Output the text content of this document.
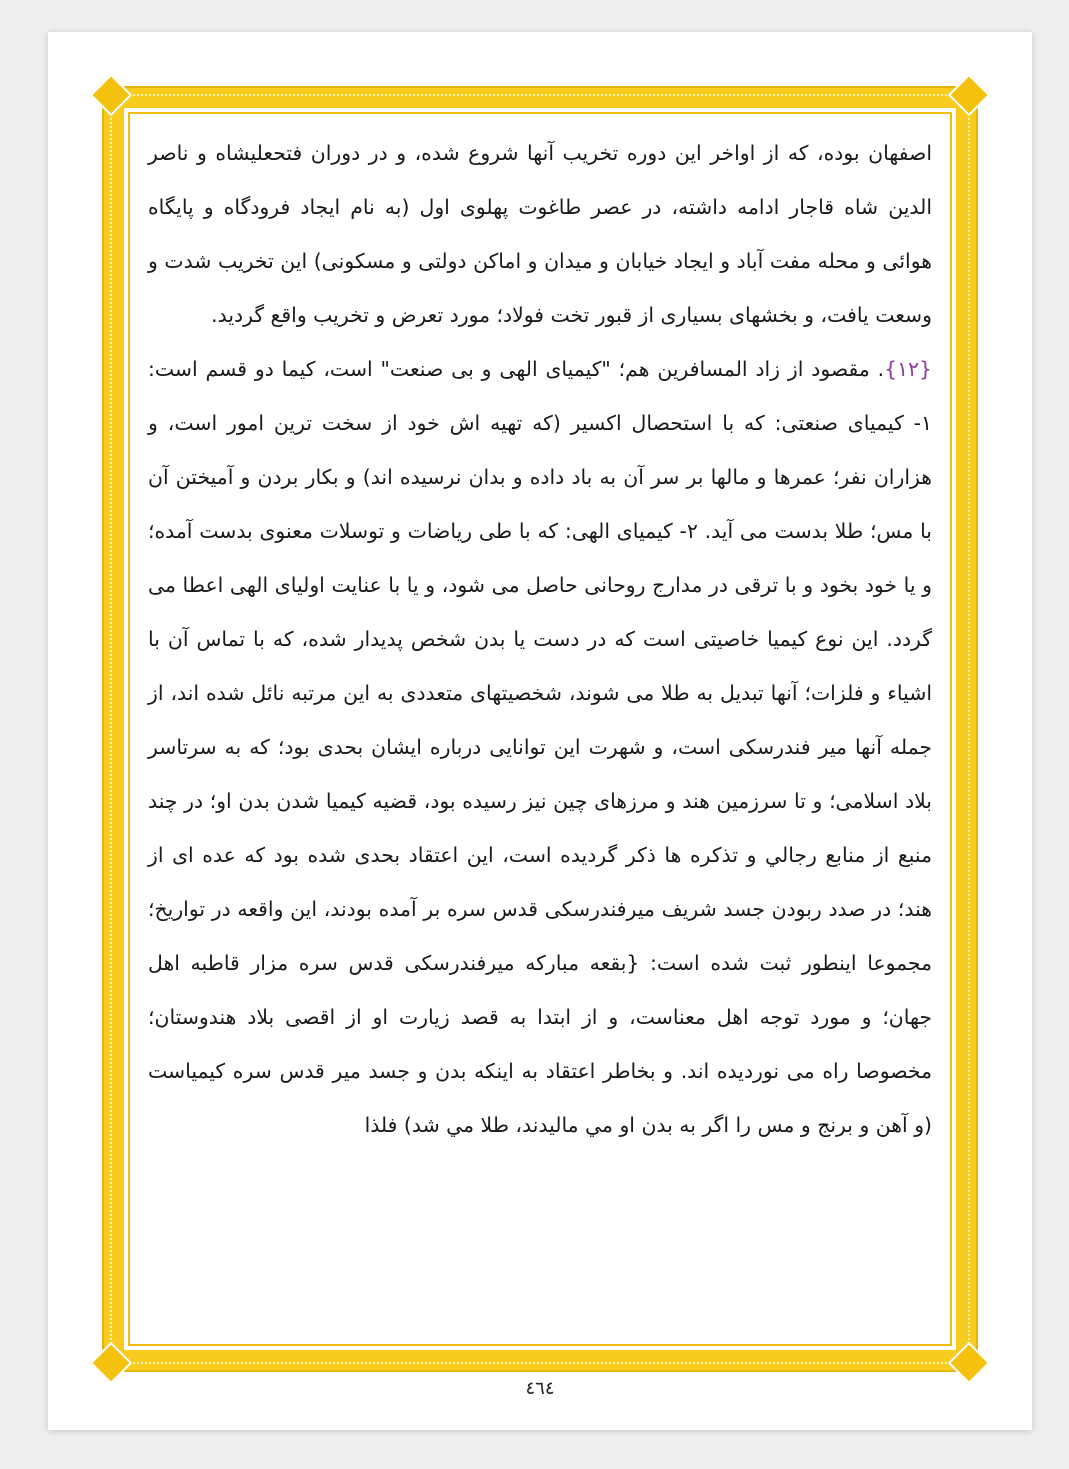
اصفهان بوده، که از اواخر این دوره تخریب آنها شروع شده، و در دوران فتحعلیشاه و ناصر الدین شاه قاجار ادامه داشته، در عصر طاغوت پهلوی اول (به نام ایجاد فرودگاه و پایگاه هوائی و محله مفت آباد و ایجاد خیابان و میدان و اماکن دولتی و مسکونی) این تخریب شدت و وسعت یافت، و بخشهای بسیاری از قبور تخت فولاد؛ مورد تعرض و تخریب واقع گردید.

{١٢}. مقصود از زاد المسافرین هم؛ "کیمیای الهی و بی صنعت" است، کیما دو قسم است: ١- کیمیای صنعتی: که با استحصال اکسیر (که تهیه اش خود از سخت ترین امور است، و هزاران نفر؛ عمرها و مالها بر سر آن به باد داده و بدان نرسیده اند) و بکار بردن و آمیختن آن با مس؛ طلا بدست می آید. ٢- کیمیای الهی: که با طی ریاضات و توسلات معنوی بدست آمده؛ و یا خود بخود و با ترقی در مدارج روحانی حاصل می شود، و یا با عنایت اولیای الهی اعطا می گردد. این نوع کیمیا خاصیتی است که در دست یا بدن شخص پدیدار شده، که با تماس آن با اشیاء و فلزات؛ آنها تبدیل به طلا می شوند، شخصیتهای متعددی به این مرتبه نائل شده اند، از جمله آنها میر فندرسکی است، و شهرت این توانایی درباره ایشان بحدی بود؛ که به سرتاسر بلاد اسلامی؛ و تا سرزمین هند و مرزهای چین نیز رسیده بود، قضیه کیمیا شدن بدن او؛ در چند منبع از منابع رجالي و تذکره ها ذکر گردیده است، این اعتقاد بحدی شده بود که عده ای از هند؛ در صدد ربودن جسد شریف میرفندرسکی قدس سره بر آمده بودند، این واقعه در تواریخ؛ مجموعا اینطور ثبت شده است: {بقعه مبارکه میرفندرسکی قدس سره مزار قاطبه اهل جهان؛ و مورد توجه اهل معناست، و از ابتدا به قصد زیارت او از اقصی بلاد هندوستان؛ مخصوصا راه می نوردیده اند. و بخاطر اعتقاد به اینکه بدن و جسد میر قدس سره کیمیاست (و آهن و برنج و مس را اگر به بدن او مي ماليدند، طلا مي شد) فلذا

٤٦٤
